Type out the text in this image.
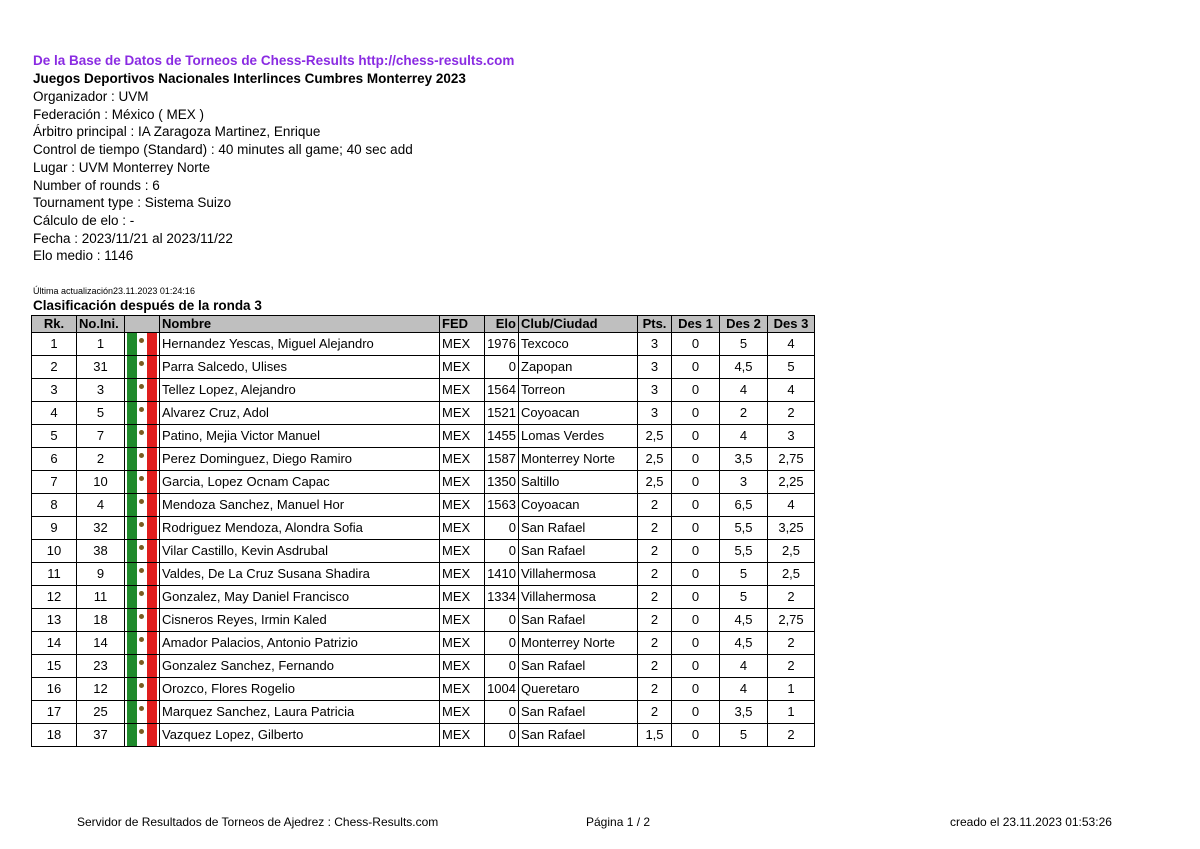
De la Base de Datos de Torneos de Chess-Results http://chess-results.com
Juegos Deportivos Nacionales Interlinces Cumbres Monterrey 2023
Organizador : UVM
Federación : México ( MEX )
Árbitro principal : IA Zaragoza Martinez, Enrique
Control de tiempo (Standard) : 40 minutes all game; 40 sec add
Lugar : UVM Monterrey Norte
Number of rounds : 6
Tournament type : Sistema Suizo
Cálculo de elo : -
Fecha : 2023/11/21 al 2023/11/22
Elo medio : 1146
Última actualización23.11.2023 01:24:16
Clasificación después de la ronda 3
Rk.	No.Ini.		Nombre	FED	Elo	Club/Ciudad	Pts.	Des 1	Des 2	Des 3
1	1		Hernandez Yescas, Miguel Alejandro	MEX	1976	Texcoco	3	0	5	4
2	31		Parra Salcedo, Ulises	MEX	0	Zapopan	3	0	4,5	5
3	3		Tellez Lopez, Alejandro	MEX	1564	Torreon	3	0	4	4
4	5		Alvarez Cruz, Adol	MEX	1521	Coyoacan	3	0	2	2
5	7		Patino, Mejia Victor Manuel	MEX	1455	Lomas Verdes	2,5	0	4	3
6	2		Perez Dominguez, Diego Ramiro	MEX	1587	Monterrey Norte	2,5	0	3,5	2,75
7	10		Garcia, Lopez Ocnam Capac	MEX	1350	Saltillo	2,5	0	3	2,25
8	4		Mendoza Sanchez, Manuel Hor	MEX	1563	Coyoacan	2	0	6,5	4
9	32		Rodriguez Mendoza, Alondra Sofia	MEX	0	San Rafael	2	0	5,5	3,25
10	38		Vilar Castillo, Kevin Asdrubal	MEX	0	San Rafael	2	0	5,5	2,5
11	9		Valdes, De La Cruz Susana Shadira	MEX	1410	Villahermosa	2	0	5	2,5
12	11		Gonzalez, May Daniel Francisco	MEX	1334	Villahermosa	2	0	5	2
13	18		Cisneros Reyes, Irmin Kaled	MEX	0	San Rafael	2	0	4,5	2,75
14	14		Amador Palacios, Antonio Patrizio	MEX	0	Monterrey Norte	2	0	4,5	2
15	23		Gonzalez Sanchez, Fernando	MEX	0	San Rafael	2	0	4	2
16	12		Orozco, Flores Rogelio	MEX	1004	Queretaro	2	0	4	1
17	25		Marquez Sanchez, Laura Patricia	MEX	0	San Rafael	2	0	3,5	1
18	37		Vazquez Lopez, Gilberto	MEX	0	San Rafael	1,5	0	5	2
Servidor de Resultados de Torneos de Ajedrez : Chess-Results.com	Página 1 / 2	creado el 23.11.2023 01:53:26
